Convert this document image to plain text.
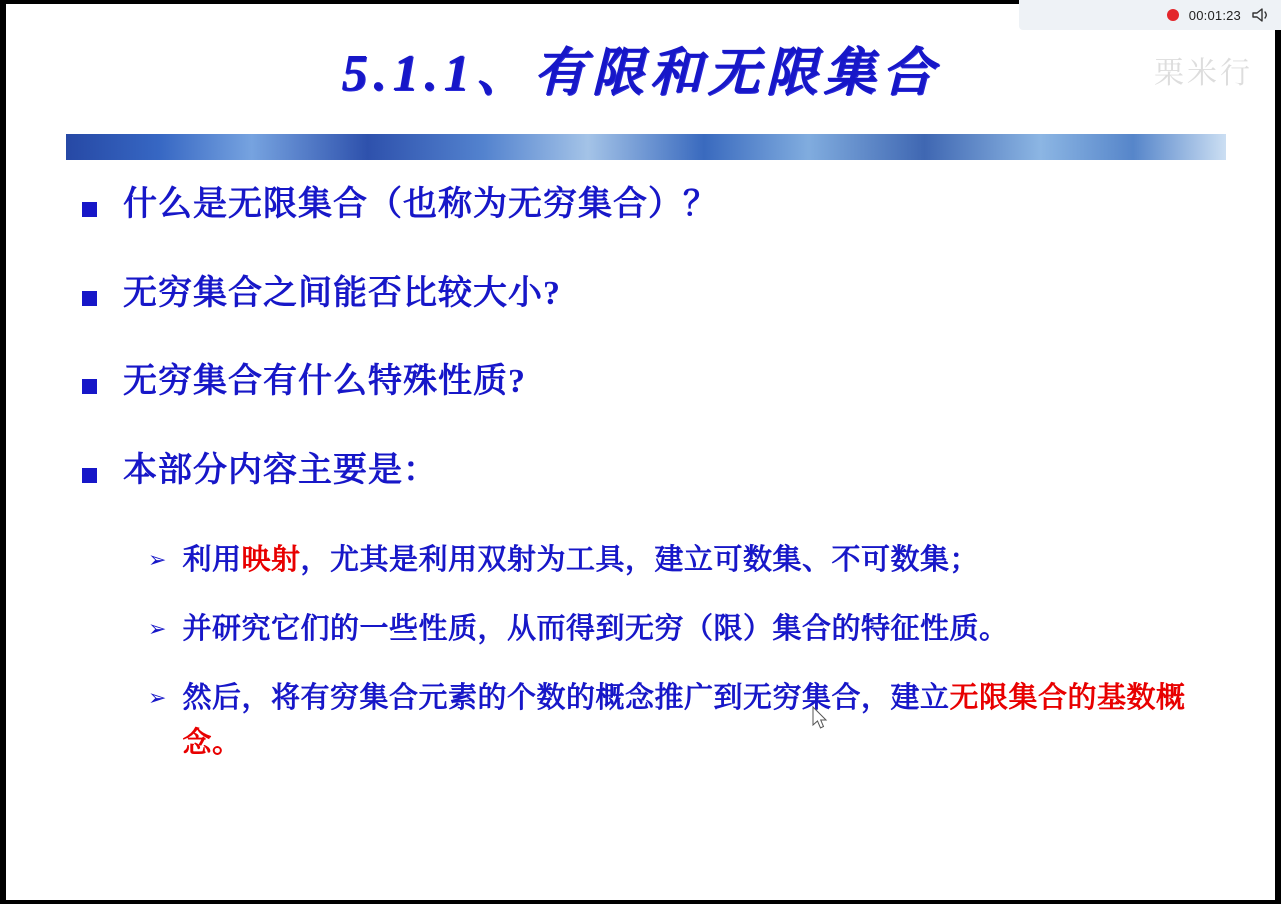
5.1.1、有限和无限集合	栗米行
什么是无限集合（也称为无穷集合）？
无穷集合之间能否比较大小?
无穷集合有什么特殊性质?
本部分内容主要是：
➢ 利用映射，尤其是利用双射为工具，建立可数集、不可数集；
➢ 并研究它们的一些性质，从而得到无穷（限）集合的特征性质。
➢ 然后，将有穷集合元素的个数的概念推广到无穷集合，建立无限集合的基数概念。
00:01:23
